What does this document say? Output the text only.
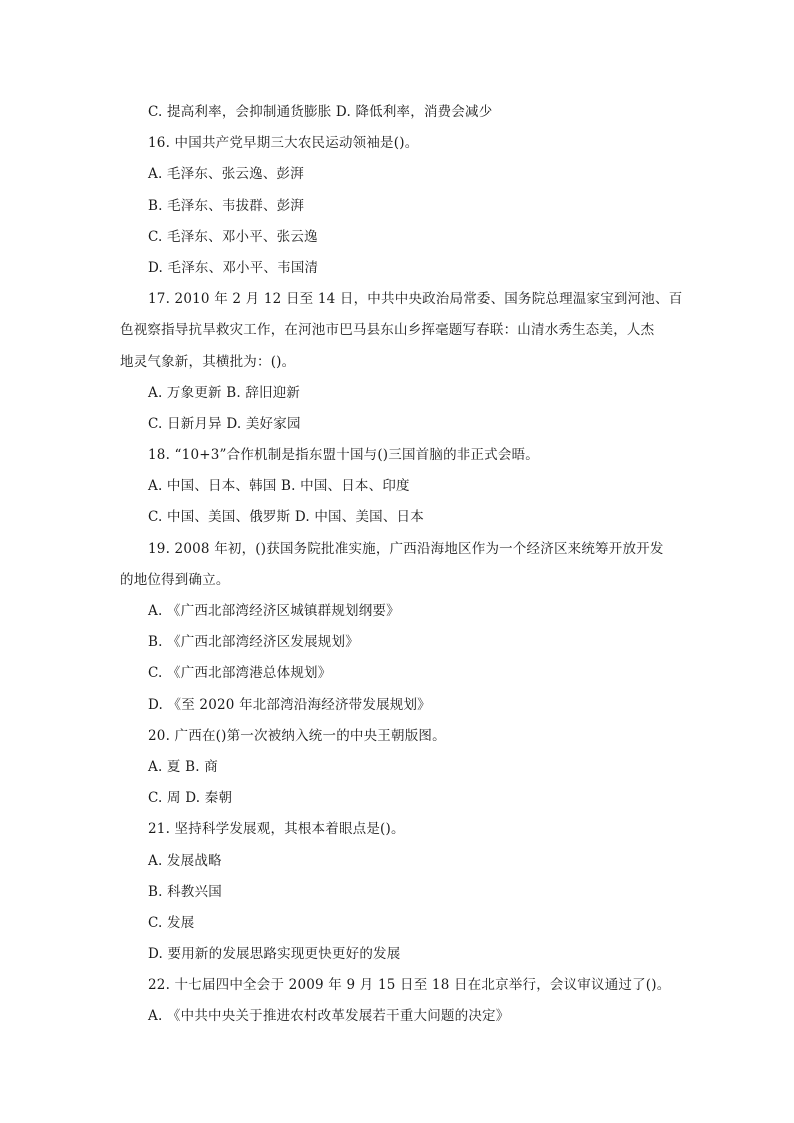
C. 提高利率，会抑制通货膨胀 D. 降低利率，消费会减少
16. 中国共产党早期三大农民运动领袖是()。
A. 毛泽东、张云逸、彭湃
B. 毛泽东、韦拔群、彭湃
C. 毛泽东、邓小平、张云逸
D. 毛泽东、邓小平、韦国清
17. 2010 年 2 月 12 日至 14 日，中共中央政治局常委、国务院总理温家宝到河池、百
色视察指导抗旱救灾工作，在河池市巴马县东山乡挥毫题写春联：山清水秀生态美，人杰
地灵气象新，其横批为：()。
A. 万象更新 B. 辞旧迎新
C. 日新月异 D. 美好家园
18. “10+3”合作机制是指东盟十国与()三国首脑的非正式会晤。
A. 中国、日本、韩国 B. 中国、日本、印度
C. 中国、美国、俄罗斯 D. 中国、美国、日本
19. 2008 年初，()获国务院批准实施，广西沿海地区作为一个经济区来统筹开放开发
的地位得到确立。
A. 《广西北部湾经济区城镇群规划纲要》
B. 《广西北部湾经济区发展规划》
C. 《广西北部湾港总体规划》
D. 《至 2020 年北部湾沿海经济带发展规划》
20. 广西在()第一次被纳入统一的中央王朝版图。
A. 夏 B. 商
C. 周 D. 秦朝
21. 坚持科学发展观，其根本着眼点是()。
A. 发展战略
B. 科教兴国
C. 发展
D. 要用新的发展思路实现更快更好的发展
22. 十七届四中全会于 2009 年 9 月 15 日至 18 日在北京举行，会议审议通过了()。
A. 《中共中央关于推进农村改革发展若干重大问题的决定》
